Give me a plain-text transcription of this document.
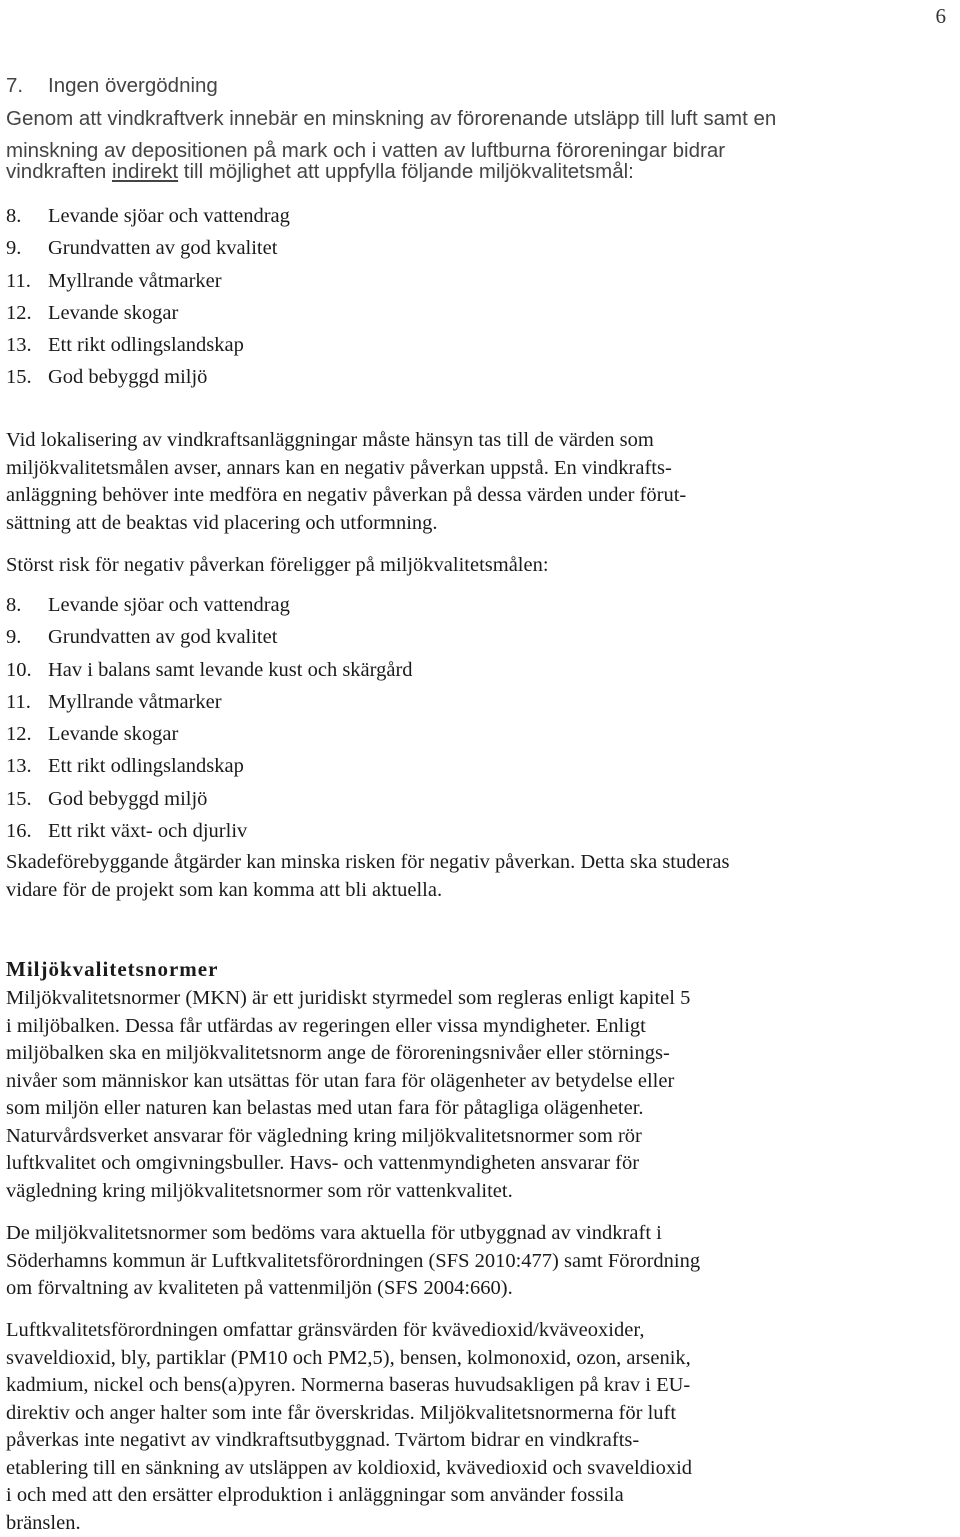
6
7. Ingen övergödning
Genom att vindkraftverk innebär en minskning av förorenande utsläpp till luft samt en
minskning av depositionen på mark och i vatten av luftburna föroreningar bidrar
vindkraften indirekt till möjlighet att uppfylla följande miljökvalitetsmål:
8. Levande sjöar och vattendrag
9. Grundvatten av god kvalitet
11. Myllrande våtmarker
12. Levande skogar
13. Ett rikt odlingslandskap
15. God bebyggd miljö

Vid lokalisering av vindkraftsanläggningar måste hänsyn tas till de värden som

miljökvalitetsmålen avser, annars kan en negativ påverkan uppstå. En vindkrafts-

anläggning behöver inte medföra en negativ påverkan på dessa värden under förut-

sättning att de beaktas vid placering och utformning.

Störst risk för negativ påverkan föreligger på miljökvalitetsmålen:
8. Levande sjöar och vattendrag
9. Grundvatten av god kvalitet
10. Hav i balans samt levande kust och skärgård
11. Myllrande våtmarker
12. Levande skogar
13. Ett rikt odlingslandskap
15. God bebyggd miljö
16. Ett rikt växt- och djurliv
Skadeförebyggande åtgärder kan minska risken för negativ påverkan. Detta ska studeras
vidare för de projekt som kan komma att bli aktuella.
Miljökvalitetsnormer

Miljökvalitetsnormer (MKN) är ett juridiskt styrmedel som regleras enligt kapitel 5

i miljöbalken. Dessa får utfärdas av regeringen eller vissa myndigheter. Enligt

miljöbalken ska en miljökvalitetsnorm ange de föroreningsnivåer eller störnings-

nivåer som människor kan utsättas för utan fara för olägenheter av betydelse eller

som miljön eller naturen kan belastas med utan fara för påtagliga olägenheter.

Naturvårdsverket ansvarar för vägledning kring miljökvalitetsnormer som rör

luftkvalitet och omgivningsbuller. Havs- och vattenmyndigheten ansvarar för

vägledning kring miljökvalitetsnormer som rör vattenkvalitet.

De miljökvalitetsnormer som bedöms vara aktuella för utbyggnad av vindkraft i

Söderhamns kommun är Luftkvalitetsförordningen (SFS 2010:477) samt Förordning

om förvaltning av kvaliteten på vattenmiljön (SFS 2004:660).

Luftkvalitetsförordningen omfattar gränsvärden för kvävedioxid/kväveoxider,

svaveldioxid, bly, partiklar (PM10 och PM2,5), bensen, kolmonoxid, ozon, arsenik,

kadmium, nickel och bens(a)pyren. Normerna baseras huvudsakligen på krav i EU-

direktiv och anger halter som inte får överskridas. Miljökvalitetsnormerna för luft

påverkas inte negativt av vindkraftsutbyggnad. Tvärtom bidrar en vindkrafts-

etablering till en sänkning av utsläppen av koldioxid, kvävedioxid och svaveldioxid

i och med att den ersätter elproduktion i anläggningar som använder fossila

bränslen.
